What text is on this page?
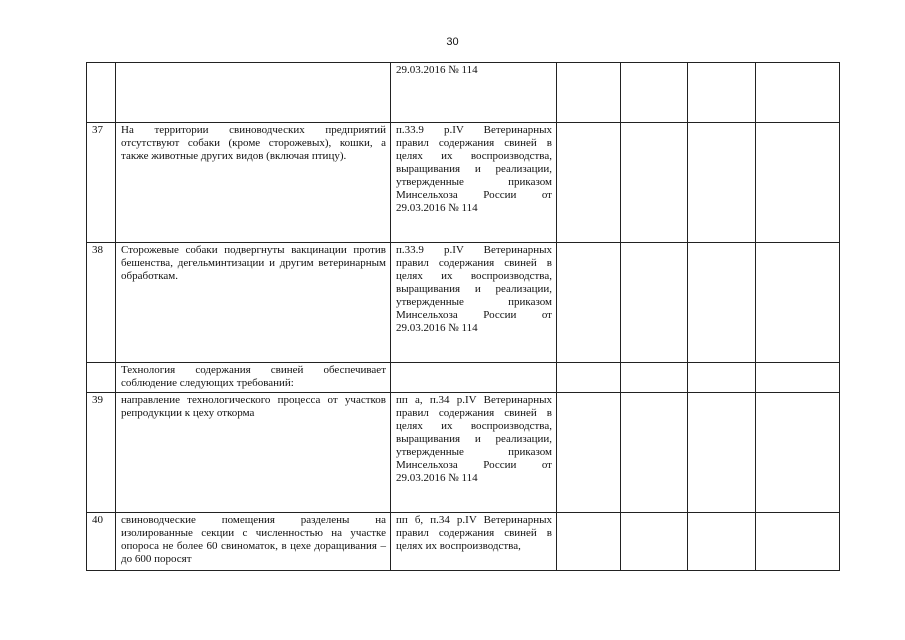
30
		29.03.2016 № 114				
37	На территории свиноводческих предприятий отсутствуют собаки (кроме сторожевых), кошки, а также животные других видов (включая птицу).	п.33.9 р.IV Ветеринарных правил содержания свиней в целях их воспроизводства, выращивания и реализации, утвержденные приказом Минсельхоза России от 29.03.2016 № 114				
38	Сторожевые собаки подвергнуты вакцинации против бешенства, дегельминтизации и другим ветеринарным обработкам.	п.33.9 р.IV Ветеринарных правил содержания свиней в целях их воспроизводства, выращивания и реализации, утвержденные приказом Минсельхоза России от 29.03.2016 № 114				
	Технология содержания свиней обеспечивает соблюдение следующих требований:					
39	направление технологического процесса от участков репродукции к цеху откорма	пп а, п.34 р.IV Ветеринарных правил содержания свиней в целях их воспроизводства, выращивания и реализации, утвержденные приказом Минсельхоза России от 29.03.2016 № 114				
40	свиноводческие помещения разделены на изолированные секции с численностью на участке опороса не более 60 свиноматок, в цехе доращивания – до 600 поросят	пп б, п.34 р.IV Ветеринарных правил содержания свиней в целях их воспроизводства,				
